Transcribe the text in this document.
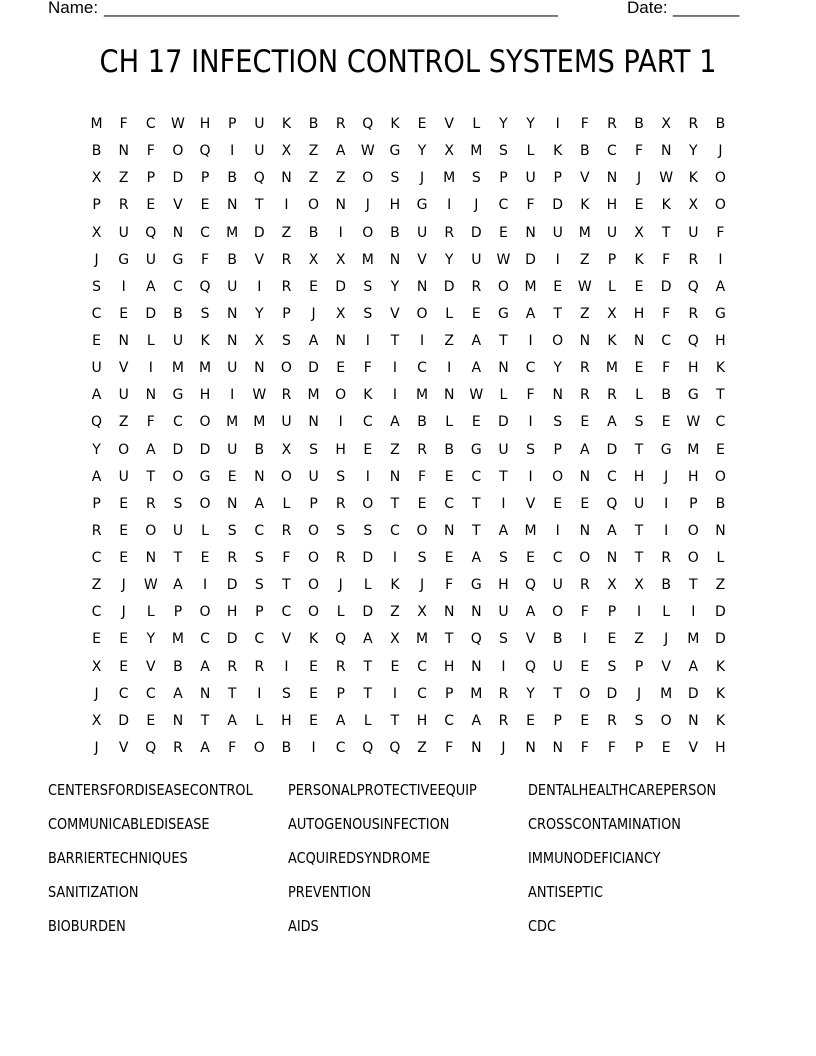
Name: ________________________________________________	Date: _______
CH 17 INFECTION CONTROL SYSTEMS PART 1
M	F	C	W	H	P	U	K	B	R	Q	K	E	V	L	Y	Y	I	F	R	B	X	R	B
B	N	F	O	Q	I	U	X	Z	A	W	G	Y	X	M	S	L	K	B	C	F	N	Y	J
X	Z	P	D	P	B	Q	N	Z	Z	O	S	J	M	S	P	U	P	V	N	J	W	K	O
P	R	E	V	E	N	T	I	O	N	J	H	G	I	J	C	F	D	K	H	E	K	X	O
X	U	Q	N	C	M	D	Z	B	I	O	B	U	R	D	E	N	U	M	U	X	T	U	F
J	G	U	G	F	B	V	R	X	X	M	N	V	Y	U	W	D	I	Z	P	K	F	R	I
S	I	A	C	Q	U	I	R	E	D	S	Y	N	D	R	O	M	E	W	L	E	D	Q	A
C	E	D	B	S	N	Y	P	J	X	S	V	O	L	E	G	A	T	Z	X	H	F	R	G
E	N	L	U	K	N	X	S	A	N	I	T	I	Z	A	T	I	O	N	K	N	C	Q	H
U	V	I	M	M	U	N	O	D	E	F	I	C	I	A	N	C	Y	R	M	E	F	H	K
A	U	N	G	H	I	W	R	M	O	K	I	M	N	W	L	F	N	R	R	L	B	G	T
Q	Z	F	C	O	M	M	U	N	I	C	A	B	L	E	D	I	S	E	A	S	E	W	C
Y	O	A	D	D	U	B	X	S	H	E	Z	R	B	G	U	S	P	A	D	T	G	M	E
A	U	T	O	G	E	N	O	U	S	I	N	F	E	C	T	I	O	N	C	H	J	H	O
P	E	R	S	O	N	A	L	P	R	O	T	E	C	T	I	V	E	E	Q	U	I	P	B
R	E	O	U	L	S	C	R	O	S	S	C	O	N	T	A	M	I	N	A	T	I	O	N
C	E	N	T	E	R	S	F	O	R	D	I	S	E	A	S	E	C	O	N	T	R	O	L
Z	J	W	A	I	D	S	T	O	J	L	K	J	F	G	H	Q	U	R	X	X	B	T	Z
C	J	L	P	O	H	P	C	O	L	D	Z	X	N	N	U	A	O	F	P	I	L	I	D
E	E	Y	M	C	D	C	V	K	Q	A	X	M	T	Q	S	V	B	I	E	Z	J	M	D
X	E	V	B	A	R	R	I	E	R	T	E	C	H	N	I	Q	U	E	S	P	V	A	K
J	C	C	A	N	T	I	S	E	P	T	I	C	P	M	R	Y	T	O	D	J	M	D	K
X	D	E	N	T	A	L	H	E	A	L	T	H	C	A	R	E	P	E	R	S	O	N	K
J	V	Q	R	A	F	O	B	I	C	Q	Q	Z	F	N	J	N	N	F	F	P	E	V	H
CENTERSFORDISEASECONTROL PERSONALPROTECTIVEEQUIP	DENTALHEALTHCAREPERSON
COMMUNICABLEDISEASE	AUTOGENOUSINFECTION	CROSSCONTAMINATION
BARRIERTECHNIQUES	ACQUIREDSYNDROME	IMMUNODEFICIANCY
SANITIZATION	PREVENTION	ANTISEPTIC
BIOBURDEN	AIDS	CDC
